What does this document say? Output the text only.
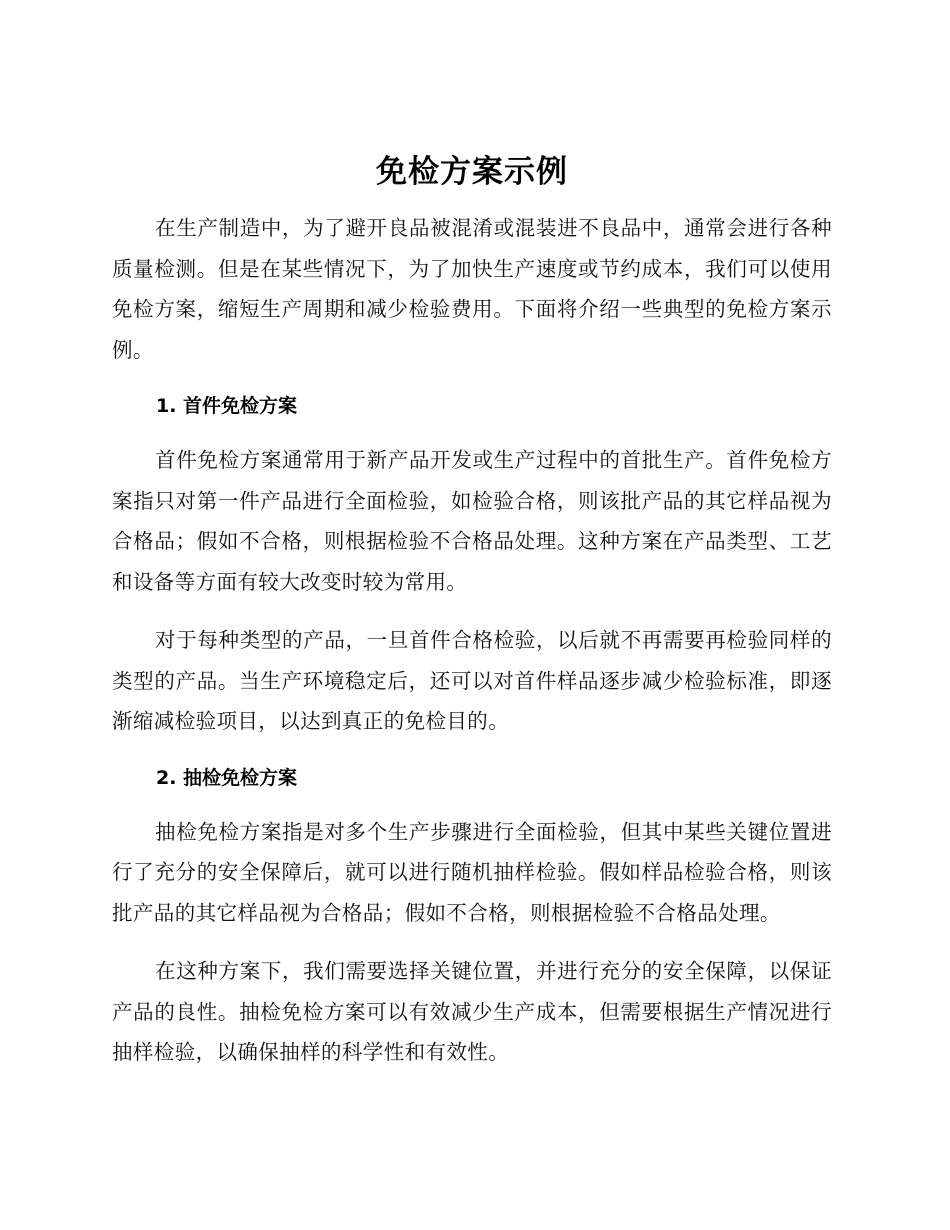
免检方案示例

在生产制造中，为了避开良品被混淆或混装进不良品中，通常会进行各种质量检测。但是在某些情况下，为了加快生产速度或节约成本，我们可以使用免检方案，缩短生产周期和减少检验费用。下面将介绍一些典型的免检方案示例。

1. 首件免检方案

首件免检方案通常用于新产品开发或生产过程中的首批生产。首件免检方案指只对第一件产品进行全面检验，如检验合格，则该批产品的其它样品视为合格品；假如不合格，则根据检验不合格品处理。这种方案在产品类型、工艺和设备等方面有较大改变时较为常用。

对于每种类型的产品，一旦首件合格检验，以后就不再需要再检验同样的类型的产品。当生产环境稳定后，还可以对首件样品逐步减少检验标准，即逐渐缩减检验项目，以达到真正的免检目的。

2. 抽检免检方案

抽检免检方案指是对多个生产步骤进行全面检验，但其中某些关键位置进行了充分的安全保障后，就可以进行随机抽样检验。假如样品检验合格，则该批产品的其它样品视为合格品；假如不合格，则根据检验不合格品处理。

在这种方案下，我们需要选择关键位置，并进行充分的安全保障，以保证产品的良性。抽检免检方案可以有效减少生产成本，但需要根据生产情况进行抽样检验，以确保抽样的科学性和有效性。
